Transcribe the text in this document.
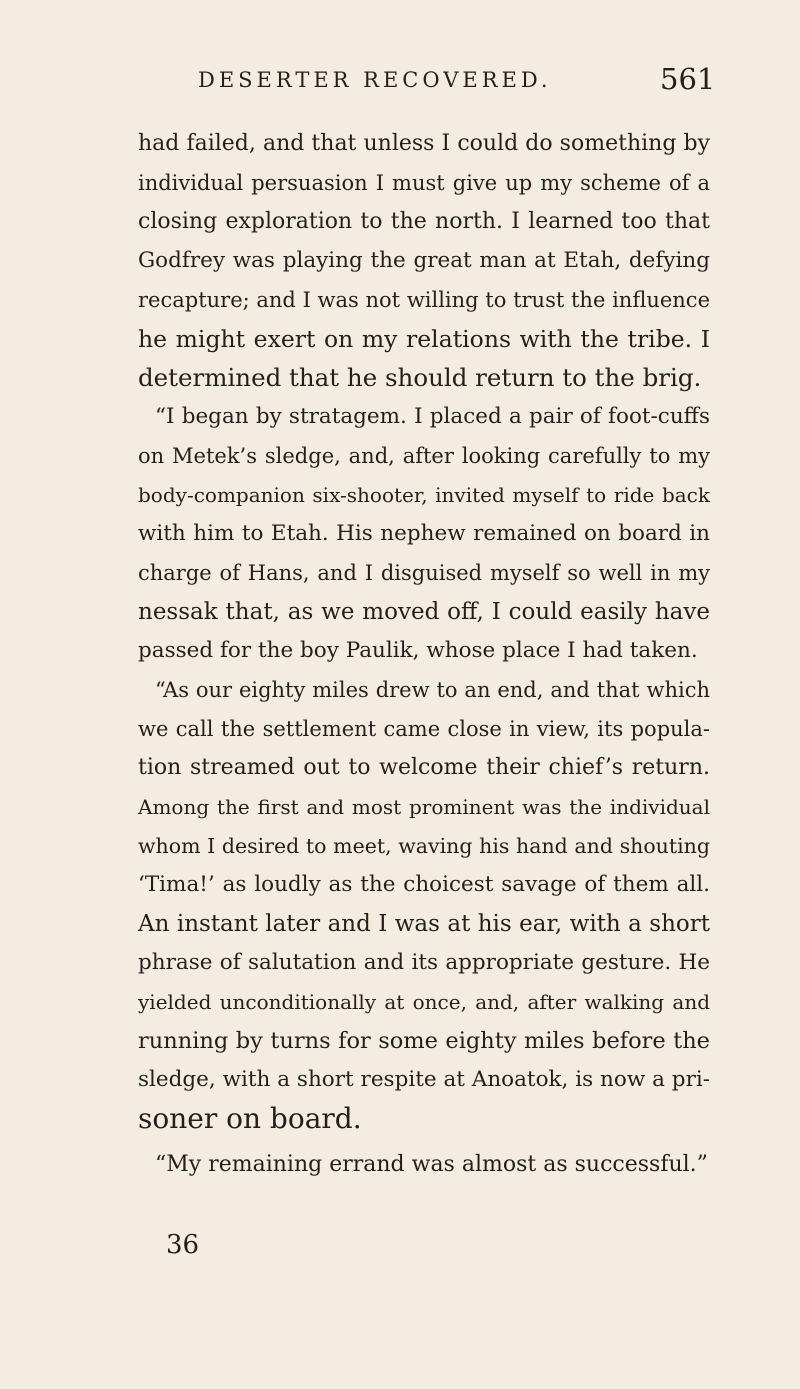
DESERTER RECOVERED.	561
had failed, and that unless I could do something by
individual persuasion I must give up my scheme of a
closing exploration to the north. I learned too that
Godfrey was playing the great man at Etah, defying
recapture; and I was not willing to trust the influence
he might exert on my relations with the tribe. I
determined that he should return to the brig.
“I began by stratagem. I placed a pair of foot-cuffs
on Metek’s sledge, and, after looking carefully to my
body-companion six-shooter, invited myself to ride back
with him to Etah. His nephew remained on board in
charge of Hans, and I disguised myself so well in my
nessak that, as we moved off, I could easily have
passed for the boy Paulik, whose place I had taken.
“As our eighty miles drew to an end, and that which
we call the settlement came close in view, its popula-
tion streamed out to welcome their chief’s return.
Among the first and most prominent was the individual
whom I desired to meet, waving his hand and shouting
‘Tima!’ as loudly as the choicest savage of them all.
An instant later and I was at his ear, with a short
phrase of salutation and its appropriate gesture. He
yielded unconditionally at once, and, after walking and
running by turns for some eighty miles before the
sledge, with a short respite at Anoatok, is now a pri-
soner on board.
“My remaining errand was almost as successful.”
36
